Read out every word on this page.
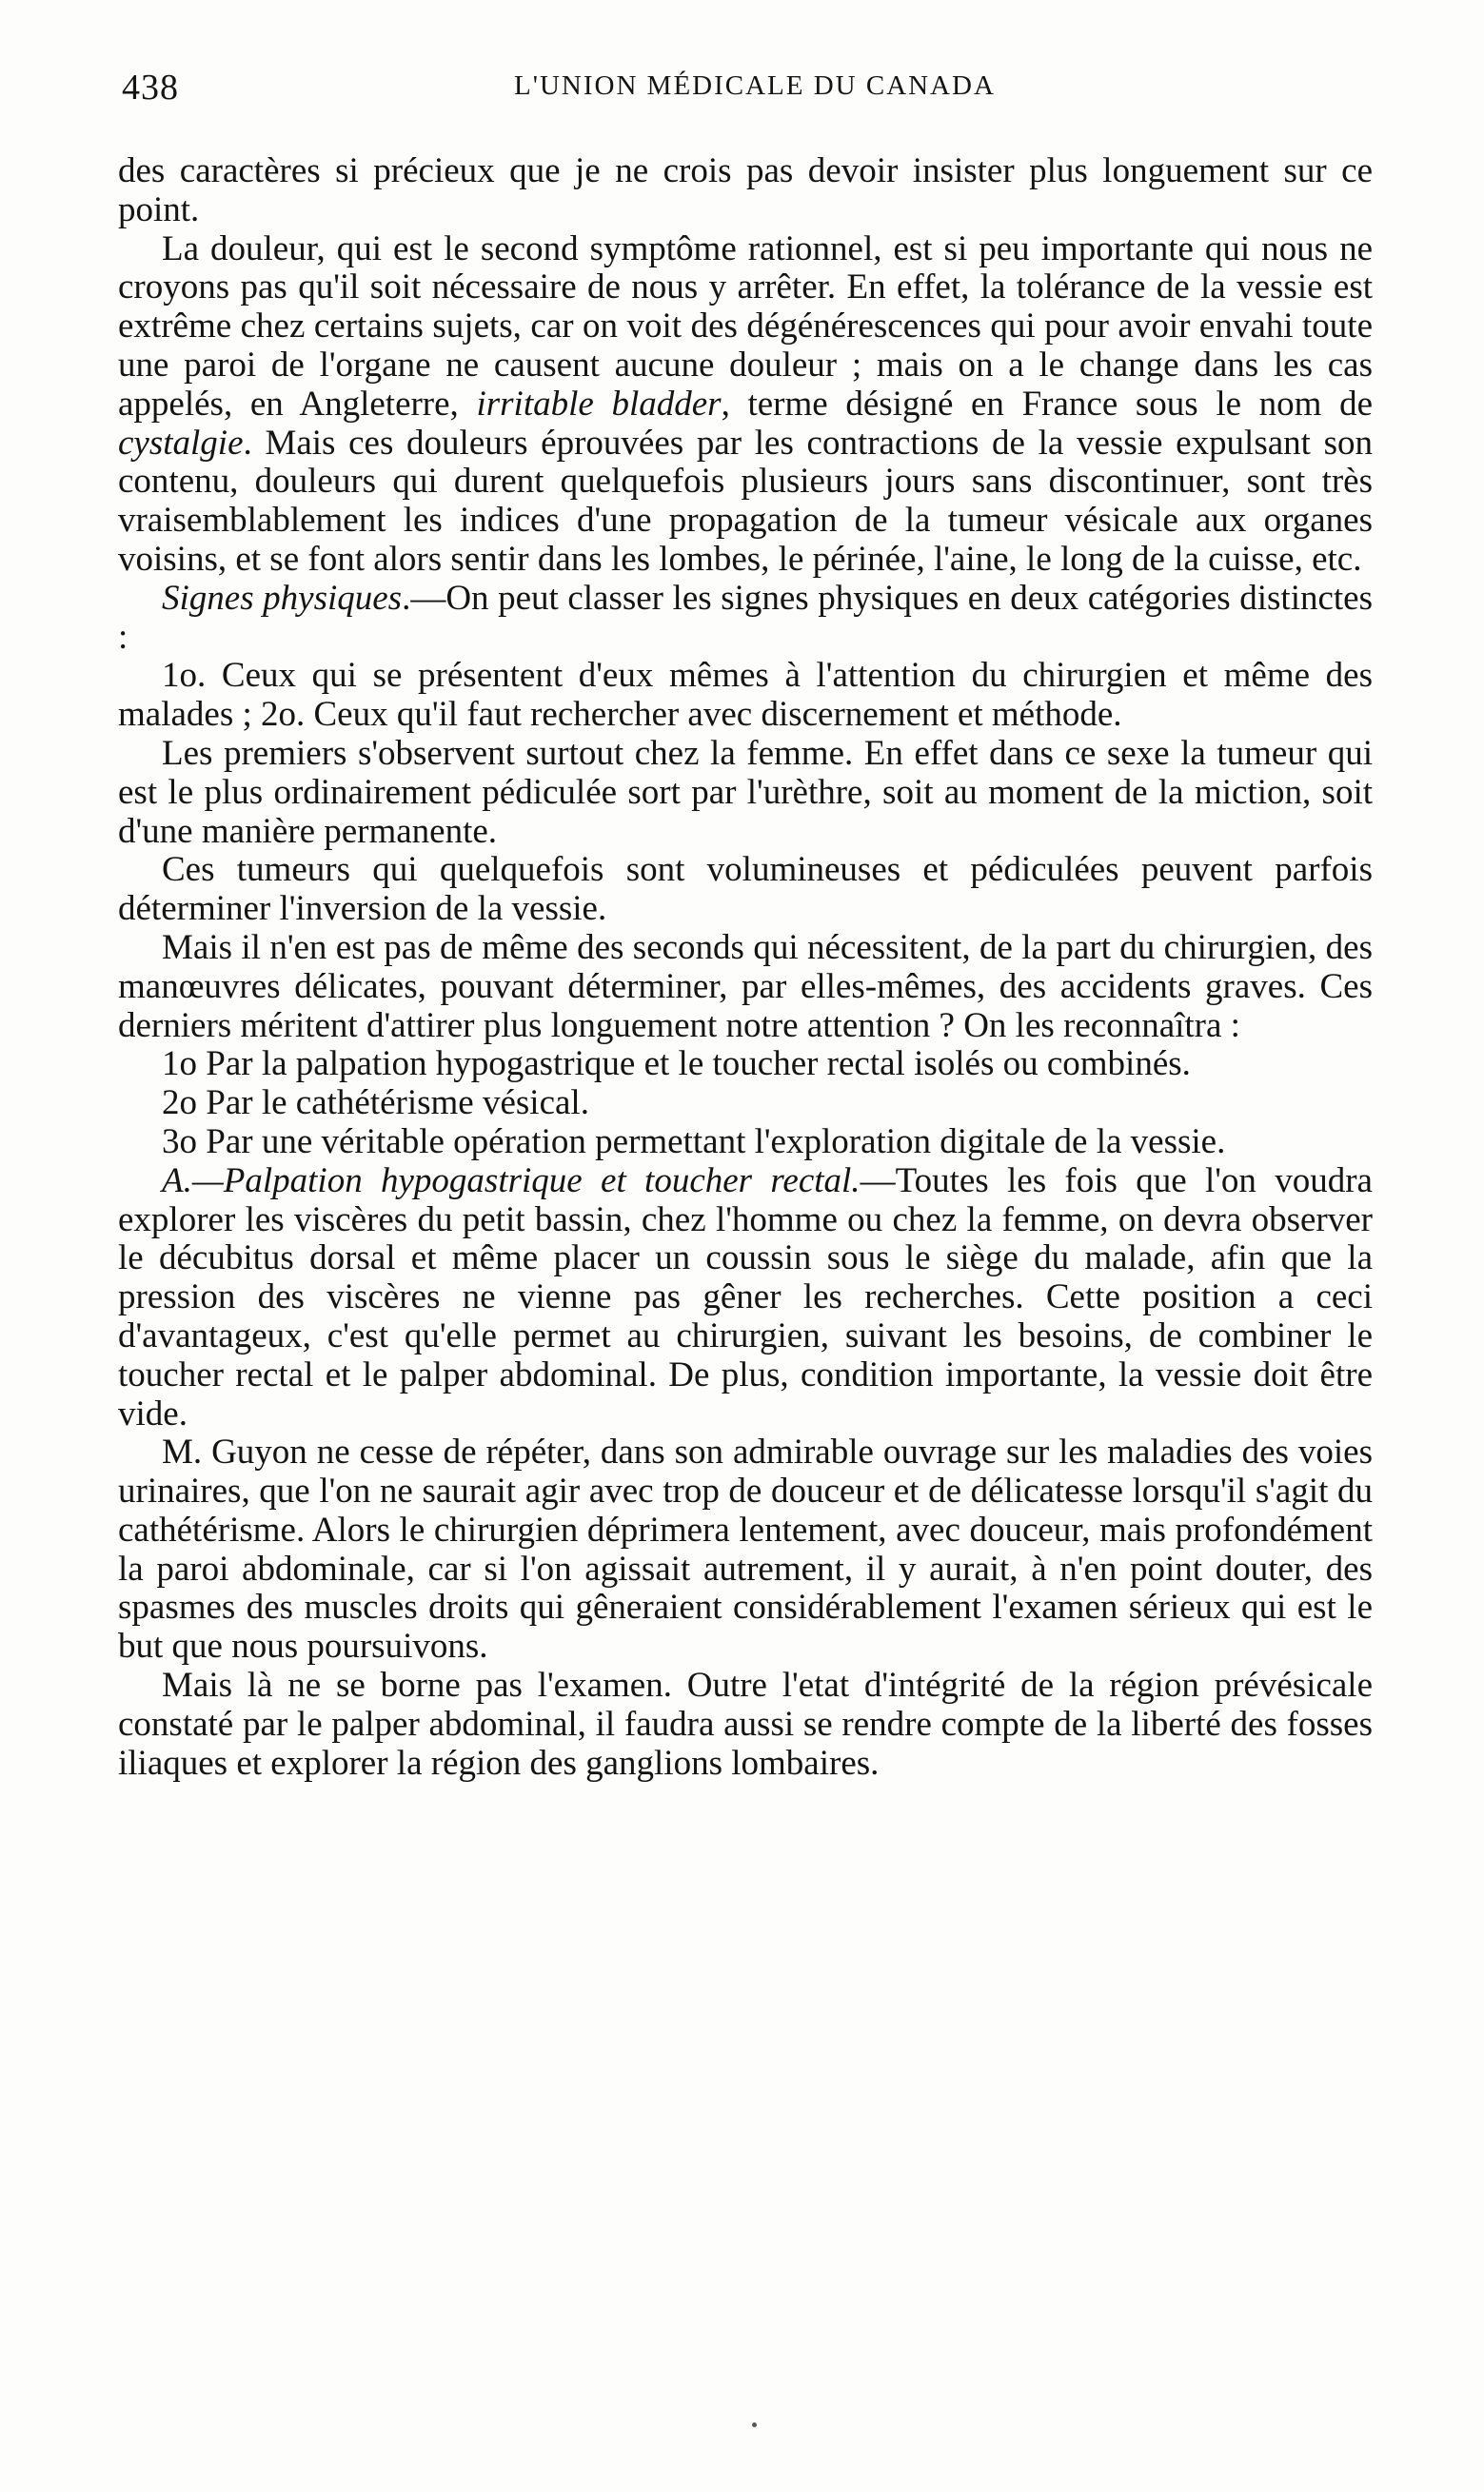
438	L'UNION MÉDICALE DU CANADA

des caractères si précieux que je ne crois pas devoir insister plus longuement sur ce point.

La douleur, qui est le second symptôme rationnel, est si peu importante qui nous ne croyons pas qu'il soit nécessaire de nous y arrêter. En effet, la tolérance de la vessie est extrême chez certains sujets, car on voit des dégénérescences qui pour avoir envahi toute une paroi de l'organe ne causent aucune douleur ; mais on a le change dans les cas appelés, en Angleterre, irritable bladder, terme désigné en France sous le nom de cystalgie. Mais ces douleurs éprouvées par les contractions de la vessie expulsant son contenu, douleurs qui durent quelquefois plusieurs jours sans discontinuer, sont très vraisemblablement les indices d'une propagation de la tumeur vésicale aux organes voisins, et se font alors sentir dans les lombes, le périnée, l'aine, le long de la cuisse, etc.

Signes physiques.—On peut classer les signes physiques en deux catégories distinctes :

1o. Ceux qui se présentent d'eux mêmes à l'attention du chirurgien et même des malades ; 2o. Ceux qu'il faut rechercher avec discernement et méthode.

Les premiers s'observent surtout chez la femme. En effet dans ce sexe la tumeur qui est le plus ordinairement pédiculée sort par l'urèthre, soit au moment de la miction, soit d'une manière permanente.

Ces tumeurs qui quelquefois sont volumineuses et pédiculées peuvent parfois déterminer l'inversion de la vessie.

Mais il n'en est pas de même des seconds qui nécessitent, de la part du chirurgien, des manœuvres délicates, pouvant déterminer, par elles-mêmes, des accidents graves. Ces derniers méritent d'attirer plus longuement notre attention ? On les reconnaîtra :

1o Par la palpation hypogastrique et le toucher rectal isolés ou combinés.

2o Par le cathétérisme vésical.

3o Par une véritable opération permettant l'exploration digitale de la vessie.

A.—Palpation hypogastrique et toucher rectal.—Toutes les fois que l'on voudra explorer les viscères du petit bassin, chez l'homme ou chez la femme, on devra observer le décubitus dorsal et même placer un coussin sous le siège du malade, afin que la pression des viscères ne vienne pas gêner les recherches. Cette position a ceci d'avantageux, c'est qu'elle permet au chirurgien, suivant les besoins, de combiner le toucher rectal et le palper abdominal. De plus, condition importante, la vessie doit être vide.

M. Guyon ne cesse de répéter, dans son admirable ouvrage sur les maladies des voies urinaires, que l'on ne saurait agir avec trop de douceur et de délicatesse lorsqu'il s'agit du cathétérisme. Alors le chirurgien déprimera lentement, avec douceur, mais profondément la paroi abdominale, car si l'on agissait autrement, il y aurait, à n'en point douter, des spasmes des muscles droits qui gêneraient considérablement l'examen sérieux qui est le but que nous poursuivons.

Mais là ne se borne pas l'examen. Outre l'etat d'intégrité de la région prévésicale constaté par le palper abdominal, il faudra aussi se rendre compte de la liberté des fosses iliaques et explorer la région des ganglions lombaires.
